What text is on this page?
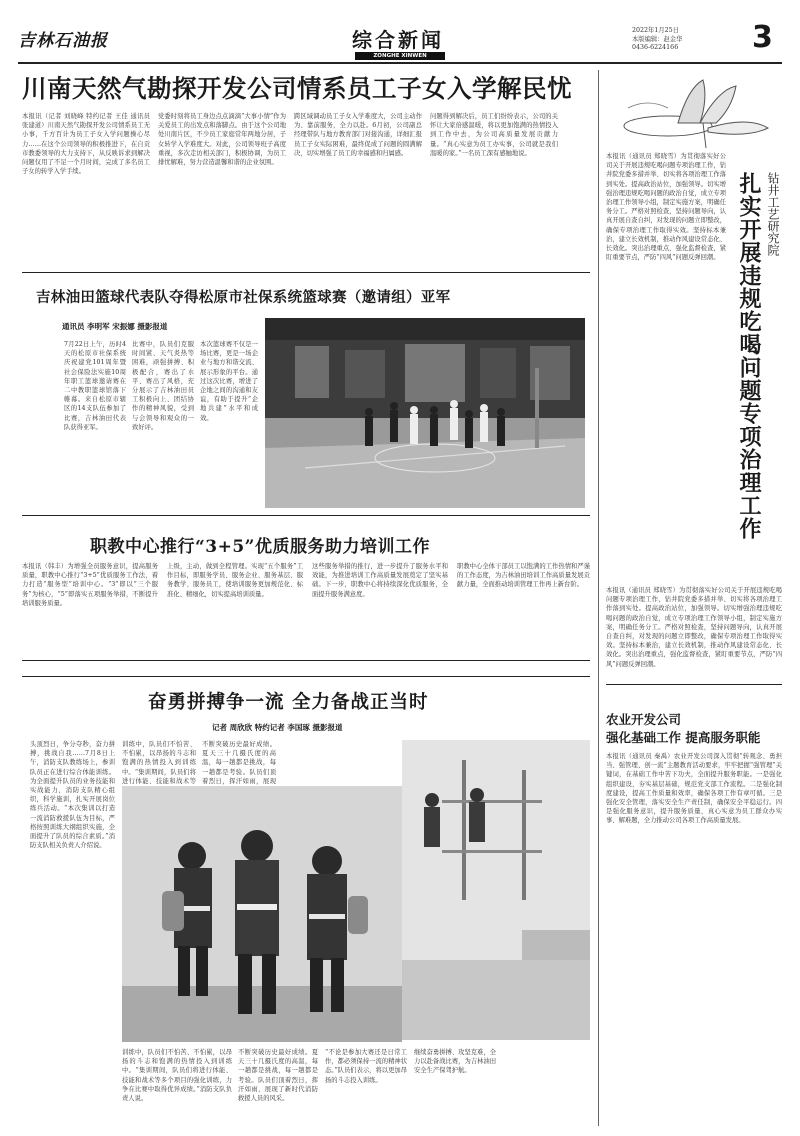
吉林石油报	综合新闻
ZONGHE XINWEN
2022年1月25日
本版编辑：赵金华
0436-6224166 3
川南天然气勘探开发公司情系员工子女入学解民忧
本报讯（记者 刘晓峰 特约记者 王佳 通讯员 张建道）川南天然气勘探开发公司情系员工无小事，千方百计为员工子女入学问题操心尽力……在这个公司领导的积极推进下，在自贡市教委领导的大力支持下，从反映诉求到解决问题仅用了不足一个月时间，完成了多名员工子女的转学入学手续。
党委时刻将员工身边点点滴滴“大事小情”作为关爱员工的出发点和落脚点。由于这个公司地处川南片区，不少员工家庭常年两地分居，子女转学入学难度大。对此，公司领导班子高度重视，多次走访相关部门，积极协调，为员工排忧解难，努力营造温馨和谐的企业氛围。
跨区域调动员工子女入学难度大，公司主动作为、靠前服务，全力以赴。6月初，公司副总经理带队与地方教育部门对接沟通，详细汇报员工子女实际困难，最终促成了问题的圆满解决，切实增强了员工的幸福感和归属感。
问题得到解决后，员工们纷纷表示，公司的关怀让大家倍感温暖，将以更加饱满的热情投入到工作中去，为公司高质量发展贡献力量。“真心实意为员工办实事，公司就是我们温暖的家。”一名员工深有感触地说。
吉林油田篮球代表队夺得松原市社保系统篮球赛（邀请组）亚军
通讯员 李明军 宋振娜 摄影报道
7月22日上午，历时4天的松原市社保系统庆祝建党101周年暨社会保险法实施10周年职工篮球邀请赛在二中教职篮球馆落下帷幕。来自松原市辖区的14支队伍参加了比赛，吉林油田代表队获得亚军。
比赛中，队员们克服时间紧、天气炎热等困难，顽强拼搏、积极配合，赛出了水平、赛出了风格，充分展示了吉林油田员工积极向上、团结协作的精神风貌，受到与会领导和观众的一致好评。
本次篮球赛不仅是一场比赛，更是一场企业与地方和谐交流、展示形象的平台。通过这次比赛，增进了企地之间的沟通和友谊，有助于提升“企地共建”水平和成效。
职教中心推行“3+5”优质服务助力培训工作
本报讯（韩丰）为增强全员服务意识，提高服务质量，职教中心推行“3+5”优质服务工作法，着力打造“服务型”培训中心。“3”即以“三个服务”为核心，“5”即落实五项服务举措，不断提升培训服务质量。
上级，主动，做到全程管理。实现“五个服务”工作目标，即服务学员、服务企业、服务基层、服务教学、服务员工，使培训服务更加规范化、标准化、精细化，切实提高培训质量。
这些服务举措的推行，进一步提升了服务水平和效能，为推进培训工作高质量发展奠定了坚实基础。下一步，职教中心将持续深化优质服务，全面提升服务满意度。
职教中心全体干部员工以饱满的工作热情和严谨的工作态度，为吉林油田培训工作高质量发展贡献力量，全面推动培训管理工作再上新台阶。
奋勇拼搏争一流 全力备战正当时
记者 周欣欣 特约记者 李国琢 摄影报道
头顶烈日，争分夺秒，奋力拼搏，挑战自我……7月8日上午，消防支队教练场上，参训队员正在进行综合体能训练。为全面提升队员的业务技能和实战能力，消防支队精心组织，科学施训，扎实开展岗位练兵活动。“本次集训以打造一流消防救援队伍为目标，严格按照训练大纲组织实施，全面提升了队员的综合素质。”消防支队相关负责人介绍说。
训练中，队员们不怕苦、不怕累，以昂扬的斗志和饱满的热情投入到训练中。“集训期间，队员们将进行体能、技能和战术等
不断突破历史最好成绩。夏天三十几摄氏度的高温，每一趟都是挑战，每一趟都是考验。队员们顶着烈日，挥汗如雨，展现
训练中，队员们不怕苦、不怕累，以昂扬的斗志和饱满的热情投入到训练中。“集训期间，队员们将进行体能、技能和战术等多个项目的强化训练，力争在比赛中取得优异成绩。”消防支队负责人说。
不断突破历史最好成绩。夏天三十几摄氏度的高温，每一趟都是挑战，每一趟都是考验。队员们顶着烈日，挥汗如雨，展现了新时代消防救援人员的风采。
“不论是参加大赛还是日常工作，都必须保持一流的精神状态。”队员们表示，将以更加昂扬的斗志投入训练。
继续奋勇拼搏、攻坚克难，全力以赴备战比赛，为吉林油田安全生产保驾护航。
扎实开展违规吃喝问题专项治理工作 钻井工艺研究院
本报讯（通讯员 郑晓雪）为贯彻落实好公司关于开展违规吃喝问题专项治理工作，钻井院党委多措并举、切实将各项治理工作落到实处。提高政治站位，加强领导。切实增强治理违规吃喝问题的政治自觉，成立专项治理工作领导小组，制定实施方案，明确任务分工。严格对照检查，坚持问题导向，认真开展自查自纠，对发现的问题立即整改，确保专项治理工作取得实效。坚持标本兼治，建立长效机制，推动作风建设常态化、长效化。突出治理重点，强化监督检查，紧盯重要节点，严防“四风”问题反弹回潮。
本报讯（通讯员 郑晓雪）为贯彻落实好公司关于开展违规吃喝问题专项治理工作，钻井院党委多措并举、切实将各项治理工作落到实处。提高政治站位，加强领导。切实增强治理违规吃喝问题的政治自觉，成立专项治理工作领导小组，制定实施方案，明确任务分工。严格对照检查，坚持问题导向，认真开展自查自纠，对发现的问题立即整改，确保专项治理工作取得实效。坚持标本兼治，建立长效机制，推动作风建设常态化、长效化。突出治理重点，强化监督检查，紧盯重要节点，严防“四风”问题反弹回潮。
农业开发公司
强化基础工作 提高服务职能
本报讯（通讯员 秦禹）农业开发公司深入贯彻“转观念、勇担当、强管理、创一流”主题教育活动要求，牢牢把握“强管理”关键词，在基础工作中苦下功夫，全面提升服务职能。一是强化组织建设，夯实基层基础，规范党支部工作流程。二是强化制度建设，提高工作质量和效率，确保各项工作有章可循。三是强化安全管理，落实安全生产责任制，确保安全平稳运行。四是强化服务意识，提升服务质量，真心实意为员工群众办实事、解难题，全力推动公司各项工作高质量发展。
